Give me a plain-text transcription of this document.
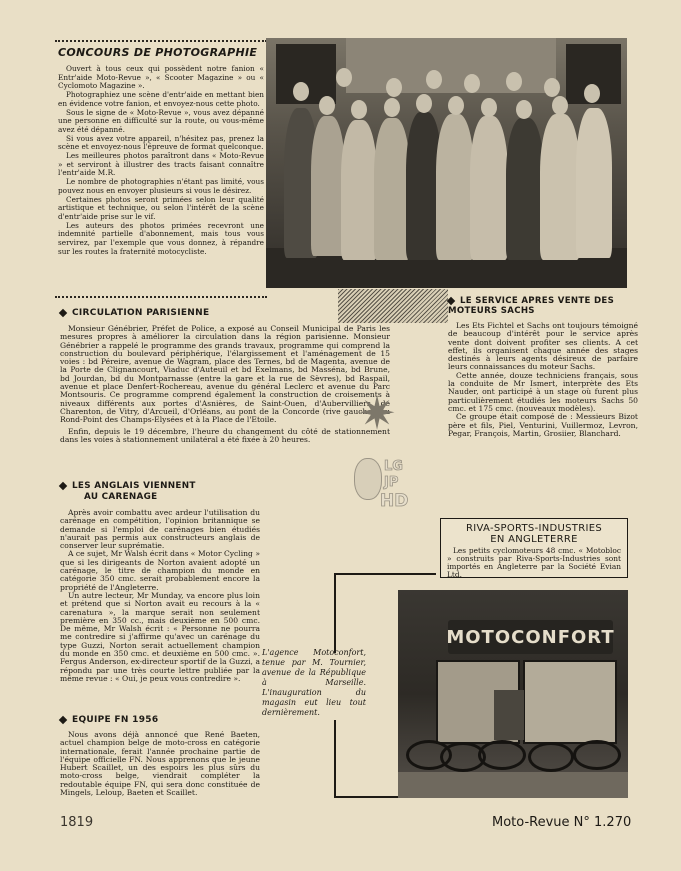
CONCOURS DE PHOTOGRAPHIE

Ouvert à tous ceux qui possèdent notre fanion « Entr'aide Moto-Revue », « Scooter Magazine » ou « Cyclomoto Magazine ».

Photographiez une scène d'entr'aide en mettant bien en évidence votre fanion, et envoyez-nous cette photo.

Sous le signe de « Moto-Revue », vous avez dépanné une personne en difficulté sur la route, ou vous-même avez été dépanné.

Si vous avez votre appareil, n'hésitez pas, prenez la scène et envoyez-nous l'épreuve de format quelconque.

Les meilleures photos paraîtront dans « Moto-Revue » et serviront à illustrer des tracts faisant connaître l'entr'aide M.R.

Le nombre de photographies n'étant pas limité, vous pouvez nous en envoyer plusieurs si vous le désirez.

Certaines photos seront primées selon leur qualité artistique et technique, ou selon l'intérêt de la scène d'entr'aide prise sur le vif.

Les auteurs des photos primées recevront une indemnité partielle d'abonnement, mais tous vous servirez, par l'exemple que vous donnez, à répandre sur les routes la fraternité motocycliste.

CIRCULATION PARISIENNE

Monsieur Génébrier, Préfet de Police, a exposé au Conseil Municipal de Paris les mesures propres à améliorer la circulation dans la région parisienne. Monsieur Génébrier a rappelé le programme des grands travaux, programme qui comprend la construction du boulevard périphérique, l'élargissement et l'aménagement de 15 voies : bd Péreire, avenue de Wagram, place des Ternes, bd de Magenta, avenue de la Porte de Clignancourt, Viaduc d'Auteuil et bd Exelmans, bd Masséna, bd Brune, bd Jourdan, bd du Montparnasse (entre la gare et la rue de Sèvres), bd Raspail, avenue et place Denfert-Rochereau, avenue du général Leclerc et avenue du Parc Montsouris. Ce programme comprend également la construction de croisements à niveaux différents aux portes d'Asnières, de Saint-Ouen, d'Aubervilliers, de Charenton, de Vitry, d'Arcueil, d'Orléans, au pont de la Concorde (rive gauche), au Rond-Point des Champs-Elysées et à la Place de l'Etoile.

Enfin, depuis le 19 décembre, l'heure du changement du côté de stationnement dans les voies à stationnement unilatéral a été fixée à 20 heures.

LE SERVICE APRES VENTE DES MOTEURS SACHS

Les Ets Fichtel et Sachs ont toujours témoigné de beaucoup d'intérêt pour le service après vente dont doivent profiter ses clients. A cet effet, ils organisent chaque année des stages destinés à leurs agents désireux de parfaire leurs connaissances du moteur Sachs.

Cette année, douze techniciens français, sous la conduite de Mr Ismert, interprète des Ets Nauder, ont participé à un stage où furent plus particulièrement étudiés les moteurs Sachs 50 cmc. et 175 cmc. (nouveaux modèles).

Ce groupe était composé de : Messieurs Bizot père et fils, Piel, Venturini, Vuillermoz, Levron, Pegar, François, Martin, Grosiier, Blanchard.

✷
LG
JP
HD
LES ANGLAIS VIENNENT
AU CARENAGE

Après avoir combattu avec ardeur l'utilisation du carénage en compétition, l'opinion britannique se demande si l'emploi de carénages bien étudiés n'aurait pas permis aux constructeurs anglais de conserver leur suprématie.

A ce sujet, Mr Walsh écrit dans « Motor Cycling » que si les dirigeants de Norton avaient adopté un carénage, le titre de champion du monde en catégorie 350 cmc. serait probablement encore la propriété de l'Angleterre.

Un autre lecteur, Mr Munday, va encore plus loin et prétend que si Norton avait eu recours à la « carenatura », la marque serait non seulement première en 350 cc., mais deuxième en 500 cmc. De même, Mr Walsh écrit : « Personne ne pourra me contredire si j'affirme qu'avec un carénage du type Guzzi, Norton serait actuellement champion du monde en 350 cmc. et deuxième en 500 cmc. ». Fergus Anderson, ex-directeur sportif de la Guzzi, a répondu par une très courte lettre publiée par la même revue : « Oui, je peux vous contredire ».

EQUIPE FN 1956

Nous avons déjà annoncé que René Baeten, actuel champion belge de moto-cross en catégorie internationale, ferait l'année prochaine partie de l'équipe officielle FN. Nous apprenons que le jeune Hubert Scaillet, un des espoirs les plus sûrs du moto-cross belge, viendrait compléter la redoutable équipe FN, qui sera donc constituée de Mingels, Leloup, Baeten et Scaillet.

RIVA-SPORTS-INDUSTRIES
EN ANGLETERRE
Les petits cyclomoteurs 48 cmc. « Motobloc » construits par Riva-Sports-Industries sont importés en Angleterre par la Société Evian Ltd.
L'agence Motoconfort, tenue par M. Tournier, avenue de la République à Marseille. L'inauguration du magasin eut lieu tout dernièrement.
MOTOCONFORT
1819	Moto-Revue N° 1.270
